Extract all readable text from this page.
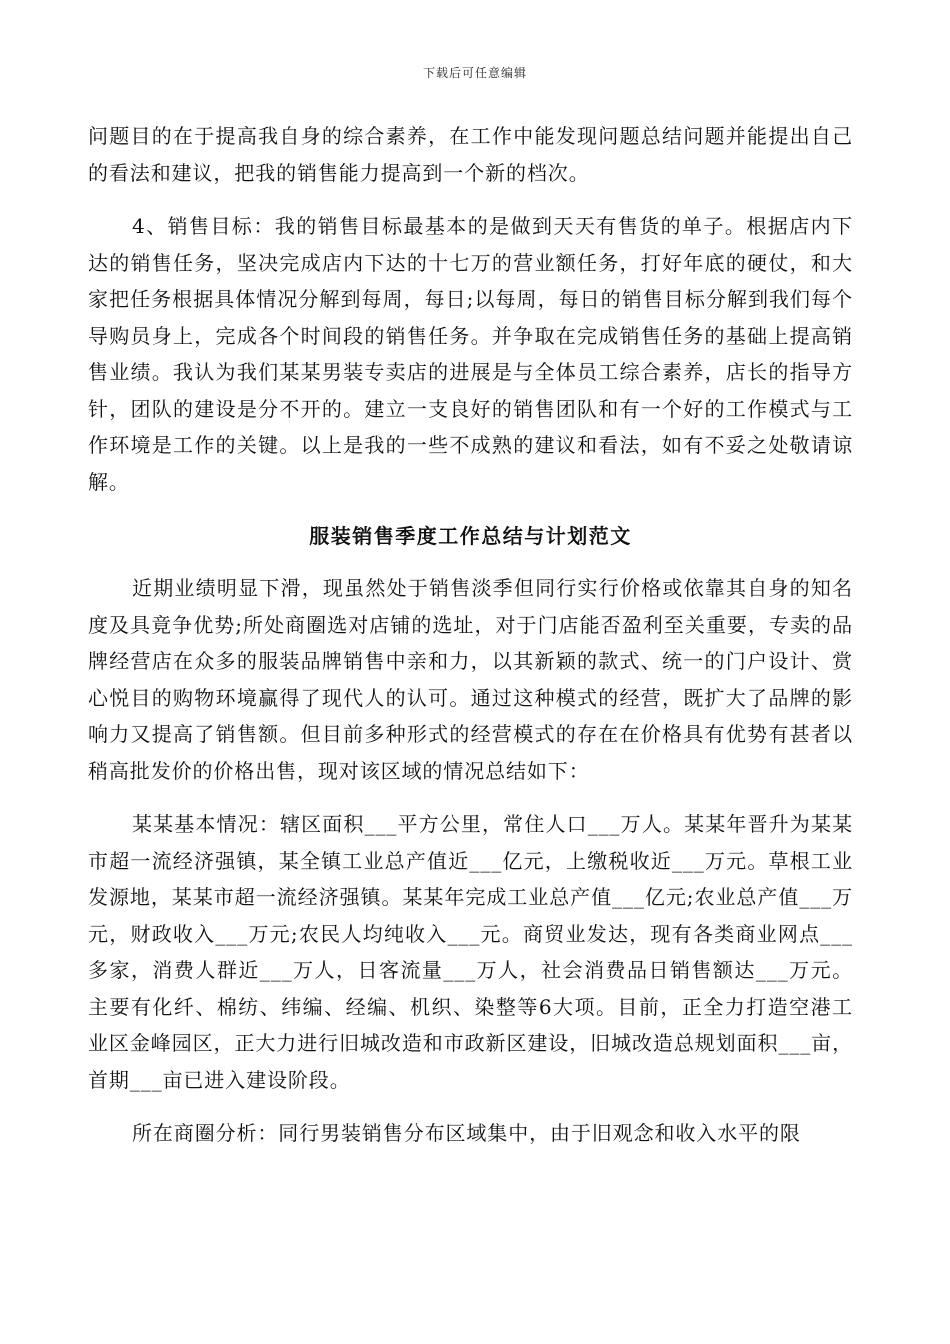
下载后可任意编辑

问题目的在于提高我自身的综合素养，在工作中能发现问题总结问题并能提出自己的看法和建议，把我的销售能力提高到一个新的档次。

4、销售目标：我的销售目标最基本的是做到天天有售货的单子。根据店内下达的销售任务，坚决完成店内下达的十七万的营业额任务，打好年底的硬仗，和大家把任务根据具体情况分解到每周，每日;以每周，每日的销售目标分解到我们每个导购员身上，完成各个时间段的销售任务。并争取在完成销售任务的基础上提高销售业绩。我认为我们某某男装专卖店的进展是与全体员工综合素养，店长的指导方针，团队的建设是分不开的。建立一支良好的销售团队和有一个好的工作模式与工作环境是工作的关键。以上是我的一些不成熟的建议和看法，如有不妥之处敬请谅解。

服装销售季度工作总结与计划范文

近期业绩明显下滑，现虽然处于销售淡季但同行实行价格或依靠其自身的知名度及具竟争优势;所处商圈选对店铺的选址，对于门店能否盈利至关重要，专卖的品牌经营店在众多的服装品牌销售中亲和力，以其新颖的款式、统一的门户设计、赏心悦目的购物环境赢得了现代人的认可。通过这种模式的经营，既扩大了品牌的影响力又提高了销售额。但目前多种形式的经营模式的存在在价格具有优势有甚者以稍高批发价的价格出售，现对该区域的情况总结如下：

某某基本情况：辖区面积___平方公里，常住人口___万人。某某年晋升为某某市超一流经济强镇，某全镇工业总产值近___亿元，上缴税收近___万元。草根工业发源地，某某市超一流经济强镇。某某年完成工业总产值___亿元;农业总产值___万元，财政收入___万元;农民人均纯收入___元。商贸业发达，现有各类商业网点___多家，消费人群近___万人，日客流量___万人，社会消费品日销售额达___万元。主要有化纤、棉纺、纬编、经编、机织、染整等6大项。目前，正全力打造空港工业区金峰园区，正大力进行旧城改造和市政新区建设，旧城改造总规划面积___亩，首期___亩已进入建设阶段。

所在商圈分析：同行男装销售分布区域集中，由于旧观念和收入水平的限
